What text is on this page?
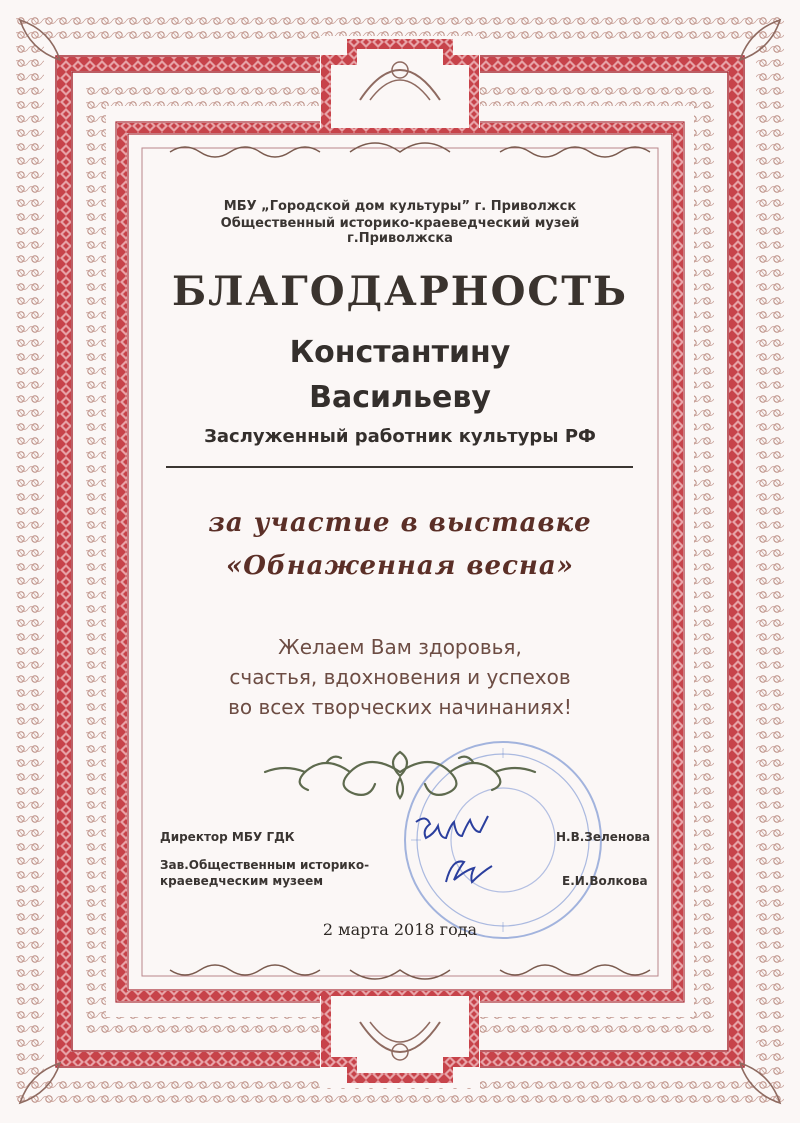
МБУ „Городской дом культуры” г. Приволжск
Общественный историко-краеведческий музей г.Приволжска
БЛАГОДАРНОСТЬ
Константину
Васильеву
Заслуженный работник культуры РФ
за участие в выставке
«Обнаженная весна»
Желаем Вам здоровья,
счастья, вдохновения и успехов
во всех творческих начинаниях!
Директор МБУ ГДК	Н.В.Зеленова
Зав.Общественным историко-
краеведческим музеем	Е.И.Волкова
2 марта 2018 года
